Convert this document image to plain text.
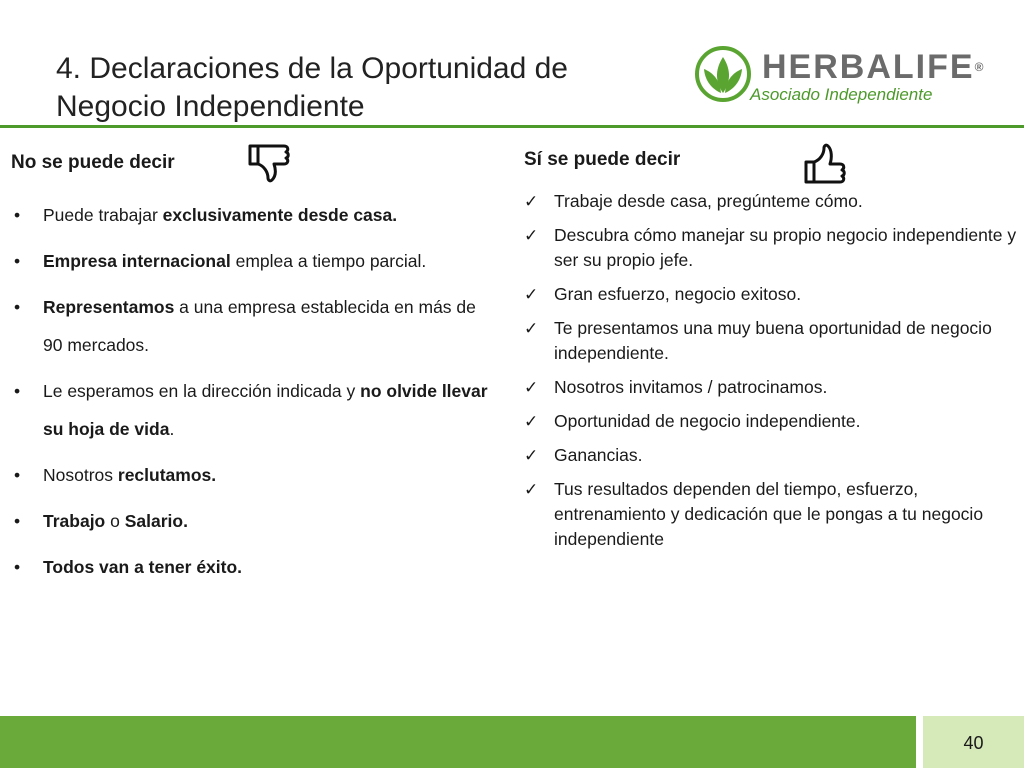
4. Declaraciones de la Oportunidad de
Negocio Independiente
HERBALIFE®
Asociado Independiente
No se puede decir
• Puede trabajar exclusivamente desde casa.
• Empresa internacional emplea a tiempo parcial.
• Representamos a una empresa establecida en más de 90 mercados.
• Le esperamos en la dirección indicada y no olvide llevar su hoja de vida.
• Nosotros reclutamos.
• Trabajo o Salario.
• Todos van a tener éxito.
Sí se puede decir
✓ Trabaje desde casa, pregúnteme cómo.
✓ Descubra cómo manejar su propio negocio independiente y ser su propio jefe.
✓ Gran esfuerzo, negocio exitoso.
✓ Te presentamos una muy buena oportunidad de negocio independiente.
✓ Nosotros invitamos / patrocinamos.
✓ Oportunidad de negocio independiente.
✓ Ganancias.
✓ Tus resultados dependen del tiempo, esfuerzo, entrenamiento y dedicación que le pongas a tu negocio independiente
40
